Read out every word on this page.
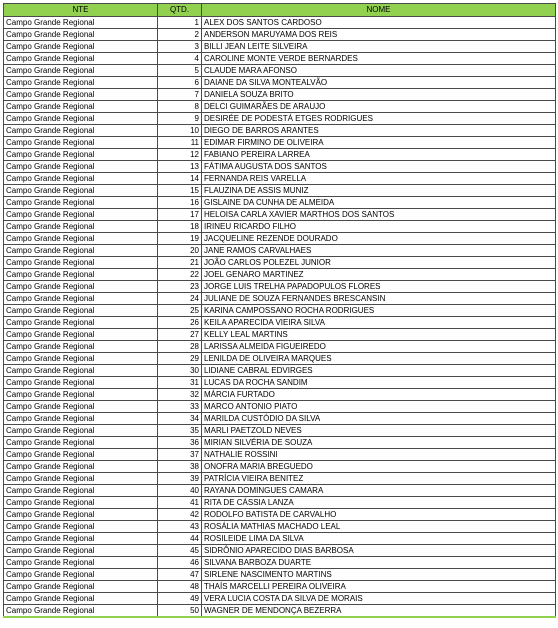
NTE	QTD.	NOME
Campo Grande Regional	1	ALEX DOS SANTOS CARDOSO
Campo Grande Regional	2	ANDERSON MARUYAMA DOS REIS
Campo Grande Regional	3	BILLI JEAN LEITE SILVEIRA
Campo Grande Regional	4	CAROLINE MONTE VERDE BERNARDES
Campo Grande Regional	5	CLAUDE MARA AFONSO
Campo Grande Regional	6	DAIANE DA SILVA MONTEALVÃO
Campo Grande Regional	7	DANIELA SOUZA BRITO
Campo Grande Regional	8	DELCI GUIMARÃES DE ARAUJO
Campo Grande Regional	9	DESIRÉE DE PODESTÁ ETGES RODRIGUES
Campo Grande Regional	10	DIEGO DE BARROS ARANTES
Campo Grande Regional	11	EDIMAR FIRMINO DE OLIVEIRA
Campo Grande Regional	12	FABIANO PEREIRA LARREA
Campo Grande Regional	13	FÁTIMA AUGUSTA DOS SANTOS
Campo Grande Regional	14	FERNANDA REIS VARELLA
Campo Grande Regional	15	FLAUZINA DE ASSIS MUNIZ
Campo Grande Regional	16	GISLAINE DA CUNHA DE ALMEIDA
Campo Grande Regional	17	HELOISA CARLA XAVIER MARTHOS DOS SANTOS
Campo Grande Regional	18	IRINEU RICARDO FILHO
Campo Grande Regional	19	JACQUELINE REZENDE DOURADO
Campo Grande Regional	20	JANE RAMOS CARVALHAES
Campo Grande Regional	21	JOÃO CARLOS POLEZEL JUNIOR
Campo Grande Regional	22	JOEL GENARO MARTINEZ
Campo Grande Regional	23	JORGE LUIS TRELHA PAPADOPULOS FLORES
Campo Grande Regional	24	JULIANE DE SOUZA FERNANDES BRESCANSIN
Campo Grande Regional	25	KARINA CAMPOSSANO ROCHA RODRIGUES
Campo Grande Regional	26	KEILA APARECIDA VIEIRA SILVA
Campo Grande Regional	27	KELLY LEAL MARTINS
Campo Grande Regional	28	LARISSA ALMEIDA FIGUEIREDO
Campo Grande Regional	29	LENILDA DE OLIVEIRA MARQUES
Campo Grande Regional	30	LIDIANE CABRAL EDVIRGES
Campo Grande Regional	31	LUCAS DA ROCHA SANDIM
Campo Grande Regional	32	MÁRCIA FURTADO
Campo Grande Regional	33	MARCO ANTONIO PIATO
Campo Grande Regional	34	MARILDA CUSTÓDIO DA SILVA
Campo Grande Regional	35	MARLI PAETZOLD NEVES
Campo Grande Regional	36	MIRIAN SILVÉRIA DE SOUZA
Campo Grande Regional	37	NATHALIE ROSSINI
Campo Grande Regional	38	ONOFRA MARIA BREGUEDO
Campo Grande Regional	39	PATRÍCIA VIEIRA BENITEZ
Campo Grande Regional	40	RAYANA DOMINGUES CAMARA
Campo Grande Regional	41	RITA DE CÁSSIA LANZA
Campo Grande Regional	42	RODOLFO BATISTA DE CARVALHO
Campo Grande Regional	43	ROSÁLIA MATHIAS MACHADO LEAL
Campo Grande Regional	44	ROSILEIDE LIMA DA SILVA
Campo Grande Regional	45	SIDRÔNIO APARECIDO DIAS BARBOSA
Campo Grande Regional	46	SILVANA BARBOZA DUARTE
Campo Grande Regional	47	SIRLENE NASCIMENTO MARTINS
Campo Grande Regional	48	THAÍS MARCELLI PEREIRA OLIVEIRA
Campo Grande Regional	49	VERA LUCIA COSTA DA SILVA DE MORAIS
Campo Grande Regional	50	WAGNER DE MENDONÇA BEZERRA
